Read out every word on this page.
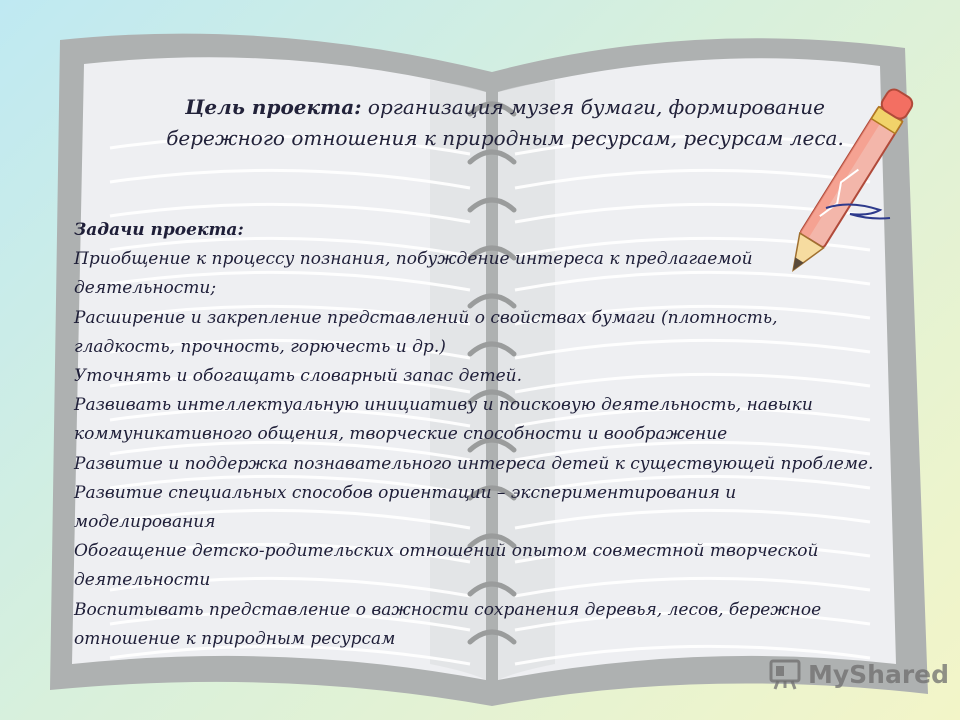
Цель проекта: организация музея бумаги, формирование
бережного отношения к природным ресурсам, ресурсам леса.
Задачи проекта:
Приобщение к процессу познания, побуждение интереса к предлагаемой
деятельности;
Расширение и закрепление представлений о свойствах бумаги (плотность,
гладкость, прочность, горючесть и др.)
Уточнять и обогащать словарный запас детей.
Развивать интеллектуальную инициативу и поисковую деятельность, навыки
коммуникативного общения, творческие способности и воображение
Развитие и поддержка познавательного интереса детей к существующей проблеме.
Развитие специальных способов ориентации – экспериментирования и
моделирования
Обогащение детско-родительских отношений опытом совместной творческой
деятельности
Воспитывать представление о важности сохранения деревья, лесов, бережное
отношение к природным ресурсам
MyShared
